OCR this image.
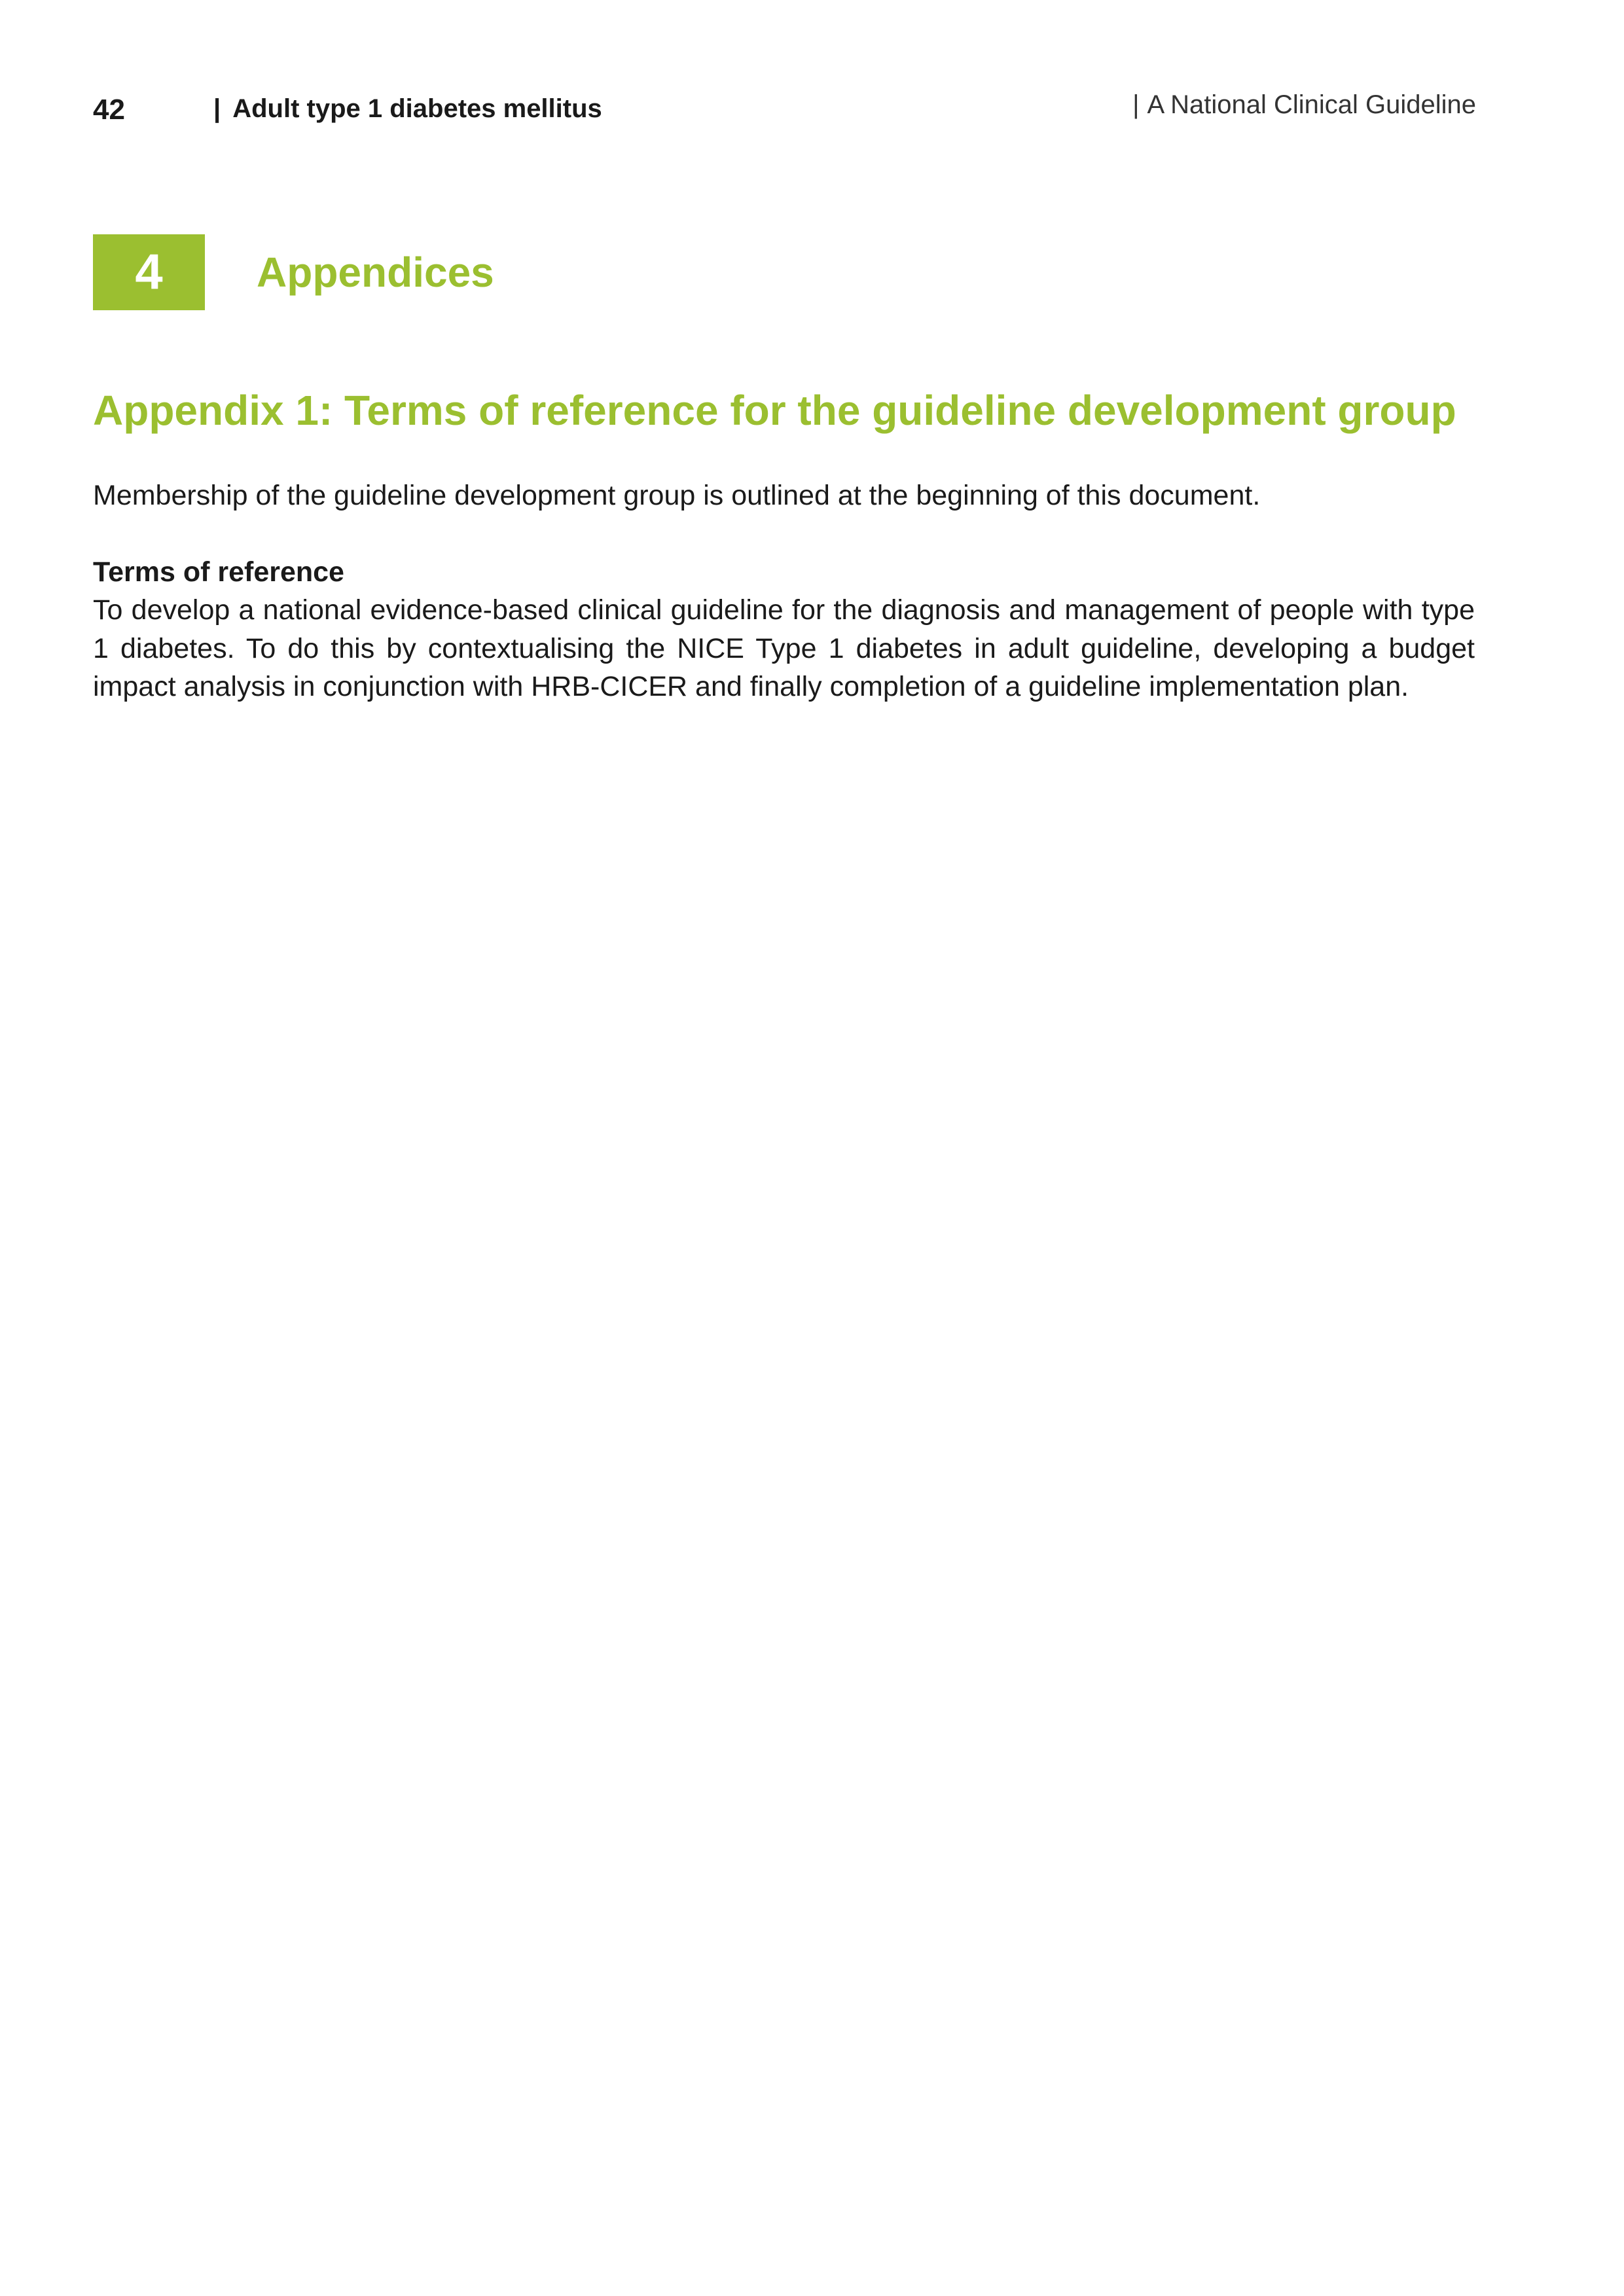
42	| Adult type 1 diabetes mellitus	| A National Clinical Guideline
4	Appendices
Appendix 1: Terms of reference for the guideline development group

Membership of the guideline development group is outlined at the beginning of this document.

Terms of reference

To develop a national evidence-based clinical guideline for the diagnosis and management of people with type 1 diabetes. To do this by contextualising the NICE Type 1 diabetes in adult guideline, developing a budget impact analysis in conjunction with HRB-CICER and finally completion of a guideline implementation plan.
